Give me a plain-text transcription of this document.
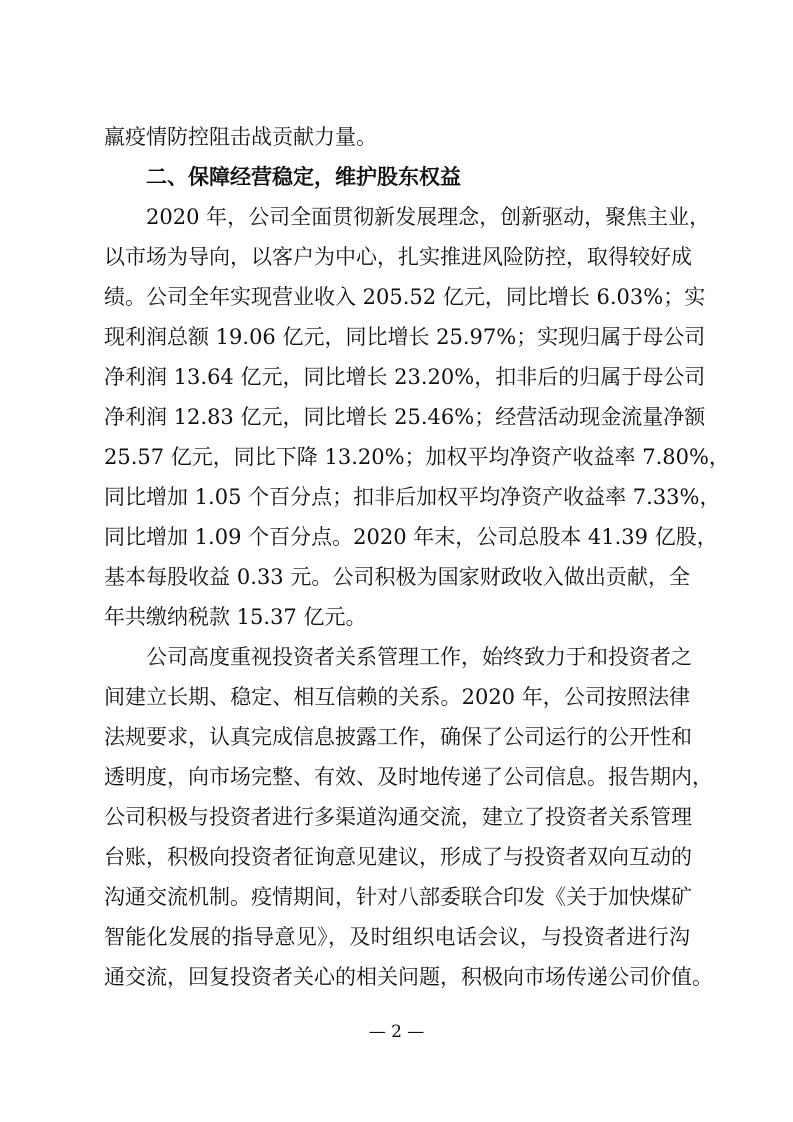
羸疫情防控阻击战贡献力量。
二、保障经营稳定，维护股东权益
2020 年，公司全面贯彻新发展理念，创新驱动，聚焦主业，
以市场为导向，以客户为中心，扎实推进风险防控，取得较好成
绩。公司全年实现营业收入 205.52 亿元，同比增长 6.03%；实
现利润总额 19.06 亿元，同比增长 25.97%；实现归属于母公司
净利润 13.64 亿元，同比增长 23.20%，扣非后的归属于母公司
净利润 12.83 亿元，同比增长 25.46%；经营活动现金流量净额
25.57 亿元，同比下降 13.20%；加权平均净资产收益率 7.80%，
同比增加 1.05 个百分点；扣非后加权平均净资产收益率 7.33%，
同比增加 1.09 个百分点。2020 年末，公司总股本 41.39 亿股，
基本每股收益 0.33 元。公司积极为国家财政收入做出贡献，全
年共缴纳税款 15.37 亿元。
公司高度重视投资者关系管理工作，始终致力于和投资者之
间建立长期、稳定、相互信赖的关系。2020 年，公司按照法律
法规要求，认真完成信息披露工作，确保了公司运行的公开性和
透明度，向市场完整、有效、及时地传递了公司信息。报告期内，
公司积极与投资者进行多渠道沟通交流，建立了投资者关系管理
台账，积极向投资者征询意见建议，形成了与投资者双向互动的
沟通交流机制。疫情期间，针对八部委联合印发《关于加快煤矿
智能化发展的指导意见》，及时组织电话会议，与投资者进行沟
通交流，回复投资者关心的相关问题，积极向市场传递公司价值。
— 2 —
